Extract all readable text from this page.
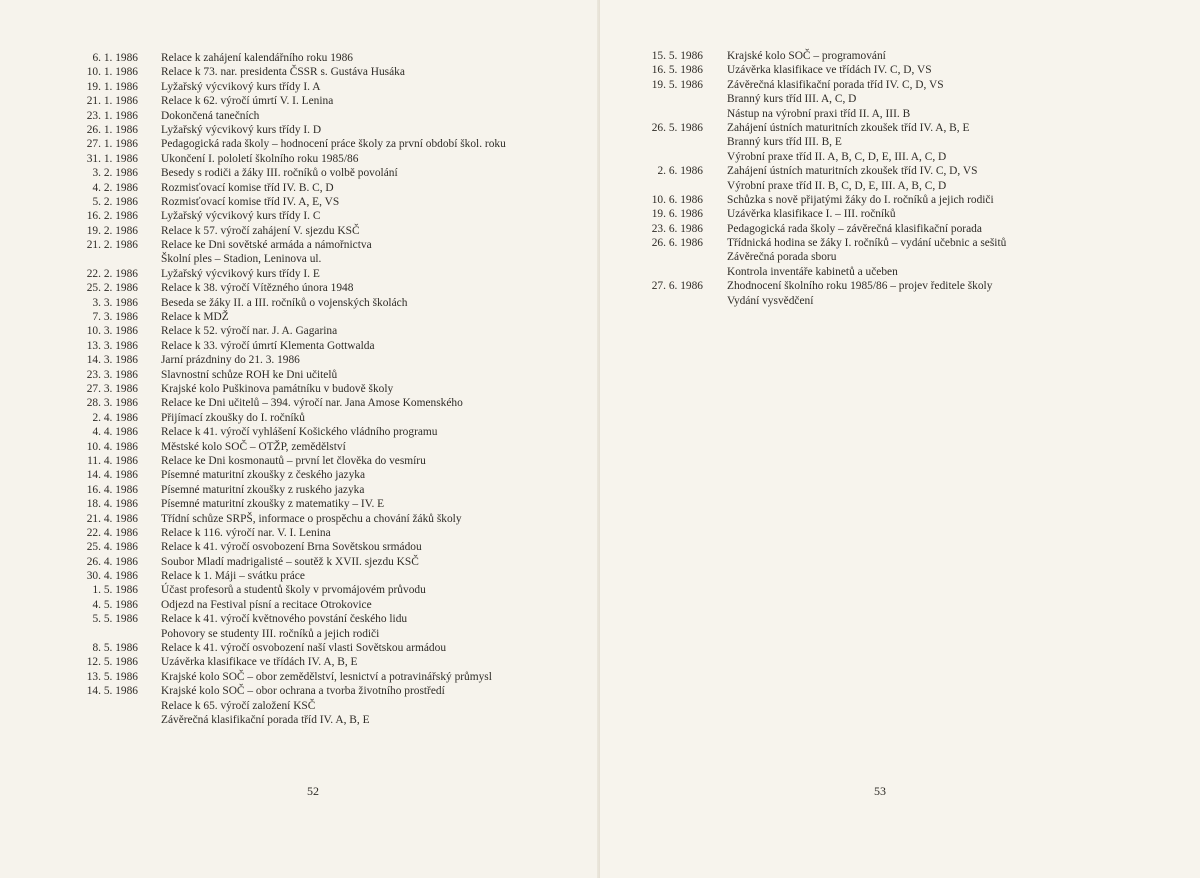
6. 1. 1986 Relace k zahájení kalendářního roku 1986
10. 1. 1986 Relace k 73. nar. presidenta ČSSR s. Gustáva Husáka
19. 1. 1986 Lyžařský výcvikový kurs třídy I. A
21. 1. 1986 Relace k 62. výročí úmrtí V. I. Lenina
23. 1. 1986 Dokončená tanečních
26. 1. 1986 Lyžařský výcvikový kurs třídy I. D
27. 1. 1986 Pedagogická rada školy – hodnocení práce školy za první období škol. roku
31. 1. 1986 Ukončení I. pololetí školního roku 1985/86
3. 2. 1986 Besedy s rodiči a žáky III. ročníků o volbě povolání
4. 2. 1986 Rozmisťovací komise tříd IV. B. C, D
5. 2. 1986 Rozmisťovací komise tříd IV. A, E, VS
16. 2. 1986 Lyžařský výcvikový kurs třídy I. C
19. 2. 1986 Relace k 57. výročí zahájení V. sjezdu KSČ
21. 2. 1986 Relace ke Dni sovětské armáda a námořnictva
Školní ples – Stadion, Leninova ul.
22. 2. 1986 Lyžařský výcvikový kurs třídy I. E
25. 2. 1986 Relace k 38. výročí Vítězného února 1948
3. 3. 1986 Beseda se žáky II. a III. ročníků o vojenských školách
7. 3. 1986 Relace k MDŽ
10. 3. 1986 Relace k 52. výročí nar. J. A. Gagarina
13. 3. 1986 Relace k 33. výročí úmrtí Klementa Gottwalda
14. 3. 1986 Jarní prázdniny do 21. 3. 1986
23. 3. 1986 Slavnostní schůze ROH ke Dni učitelů
27. 3. 1986 Krajské kolo Puškinova památníku v budově školy
28. 3. 1986 Relace ke Dni učitelů – 394. výročí nar. Jana Amose Komenského
2. 4. 1986 Přijímací zkoušky do I. ročníků
4. 4. 1986 Relace k 41. výročí vyhlášení Košického vládního programu
10. 4. 1986 Městské kolo SOČ – OTŽP, zemědělství
11. 4. 1986 Relace ke Dni kosmonautů – první let člověka do vesmíru
14. 4. 1986 Písemné maturitní zkoušky z českého jazyka
16. 4. 1986 Písemné maturitní zkoušky z ruského jazyka
18. 4. 1986 Písemné maturitní zkoušky z matematiky – IV. E
21. 4. 1986 Třídní schůze SRPŠ, informace o prospěchu a chování žáků školy
22. 4. 1986 Relace k 116. výročí nar. V. I. Lenina
25. 4. 1986 Relace k 41. výročí osvobození Brna Sovětskou srmádou
26. 4. 1986 Soubor Mladí madrigalisté – soutěž k XVII. sjezdu KSČ
30. 4. 1986 Relace k 1. Máji – svátku práce
1. 5. 1986 Účast profesorů a studentů školy v prvomájovém průvodu
4. 5. 1986 Odjezd na Festival písní a recitace Otrokovice
5. 5. 1986 Relace k 41. výročí květnového povstání českého lidu
Pohovory se studenty III. ročníků a jejich rodiči
8. 5. 1986 Relace k 41. výročí osvobození naší vlasti Sovětskou armádou
12. 5. 1986 Uzávěrka klasifikace ve třídách IV. A, B, E
13. 5. 1986 Krajské kolo SOČ – obor zemědělství, lesnictví a potravinářský průmysl
14. 5. 1986 Krajské kolo SOČ – obor ochrana a tvorba životního prostředí
Relace k 65. výročí založení KSČ
Závěrečná klasifikační porada tříd IV. A, B, E
52
15. 5. 1986 Krajské kolo SOČ – programování
16. 5. 1986 Uzávěrka klasifikace ve třídách IV. C, D, VS
19. 5. 1986 Závěrečná klasifikační porada tříd IV. C, D, VS
Branný kurs tříd III. A, C, D
Nástup na výrobní praxi tříd II. A, III. B
26. 5. 1986 Zahájení ústních maturitních zkoušek tříd IV. A, B, E
Branný kurs tříd III. B, E
Výrobní praxe tříd II. A, B, C, D, E, III. A, C, D
2. 6. 1986 Zahájení ústních maturitních zkoušek tříd IV. C, D, VS
Výrobní praxe tříd II. B, C, D, E, III. A, B, C, D
10. 6. 1986 Schůzka s nově přijatými žáky do I. ročníků a jejich rodiči
19. 6. 1986 Uzávěrka klasifikace I. – III. ročníků
23. 6. 1986 Pedagogická rada školy – závěrečná klasifikační porada
26. 6. 1986 Třídnická hodina se žáky I. ročníků – vydání učebnic a sešitů
Závěrečná porada sboru
Kontrola inventáře kabinetů a učeben
27. 6. 1986 Zhodnocení školního roku 1985/86 – projev ředitele školy
Vydání vysvědčení
53
